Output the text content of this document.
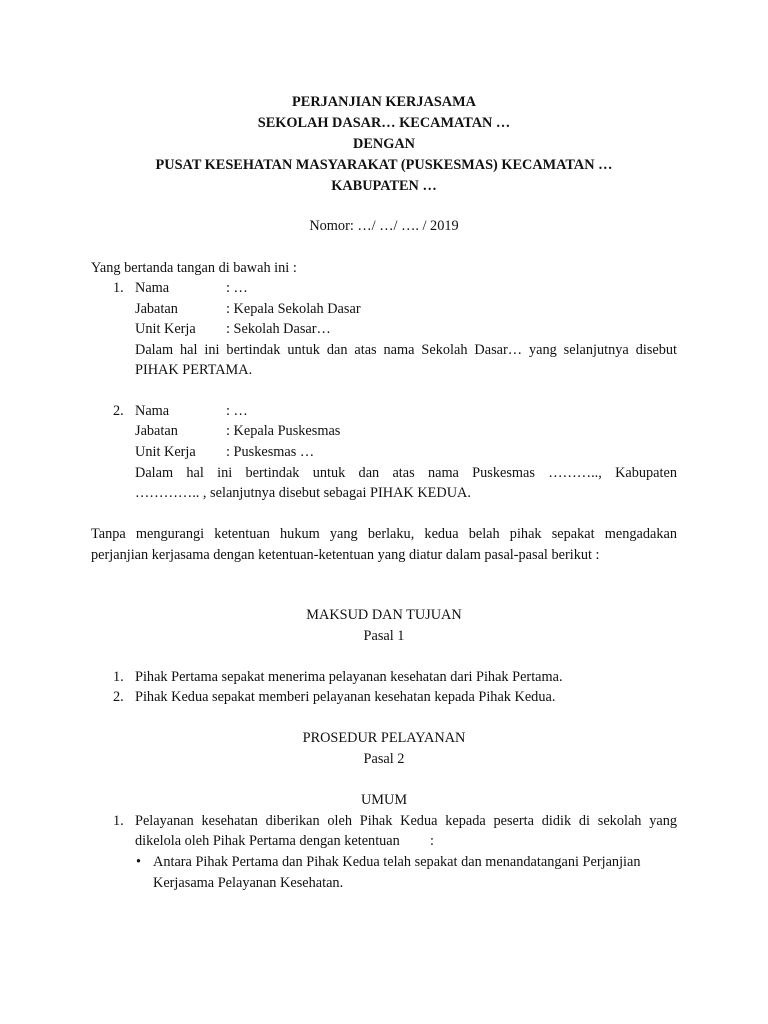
PERJANJIAN KERJASAMA
SEKOLAH DASAR… KECAMATAN …
DENGAN
PUSAT KESEHATAN MASYARAKAT (PUSKESMAS) KECAMATAN …
KABUPATEN …
Nomor: …/ …/ …. / 2019
Yang bertanda tangan di bawah ini :
1. Nama	: …
Jabatan	: Kepala Sekolah Dasar
Unit Kerja : Sekolah Dasar…
Dalam hal ini bertindak untuk dan atas nama Sekolah Dasar… yang selanjutnya disebut
PIHAK PERTAMA.
2. Nama	: …
Jabatan	: Kepala Puskesmas
Unit Kerja : Puskesmas …
Dalam hal ini bertindak untuk dan atas nama Puskesmas ……….., Kabupaten
………….. , selanjutnya disebut sebagai PIHAK KEDUA.
Tanpa mengurangi ketentuan hukum yang berlaku, kedua belah pihak sepakat mengadakan
perjanjian kerjasama dengan ketentuan-ketentuan yang diatur dalam pasal-pasal berikut :
MAKSUD DAN TUJUAN
Pasal 1
1. Pihak Pertama sepakat menerima pelayanan kesehatan dari Pihak Pertama.
2. Pihak Kedua sepakat memberi pelayanan kesehatan kepada Pihak Kedua.
PROSEDUR PELAYANAN
Pasal 2
UMUM
1. Pelayanan kesehatan diberikan oleh Pihak Kedua kepada peserta didik di sekolah yang
dikelola oleh Pihak Pertama dengan ketentuan :
• Antara Pihak Pertama dan Pihak Kedua telah sepakat dan menandatangani Perjanjian
Kerjasama Pelayanan Kesehatan.
